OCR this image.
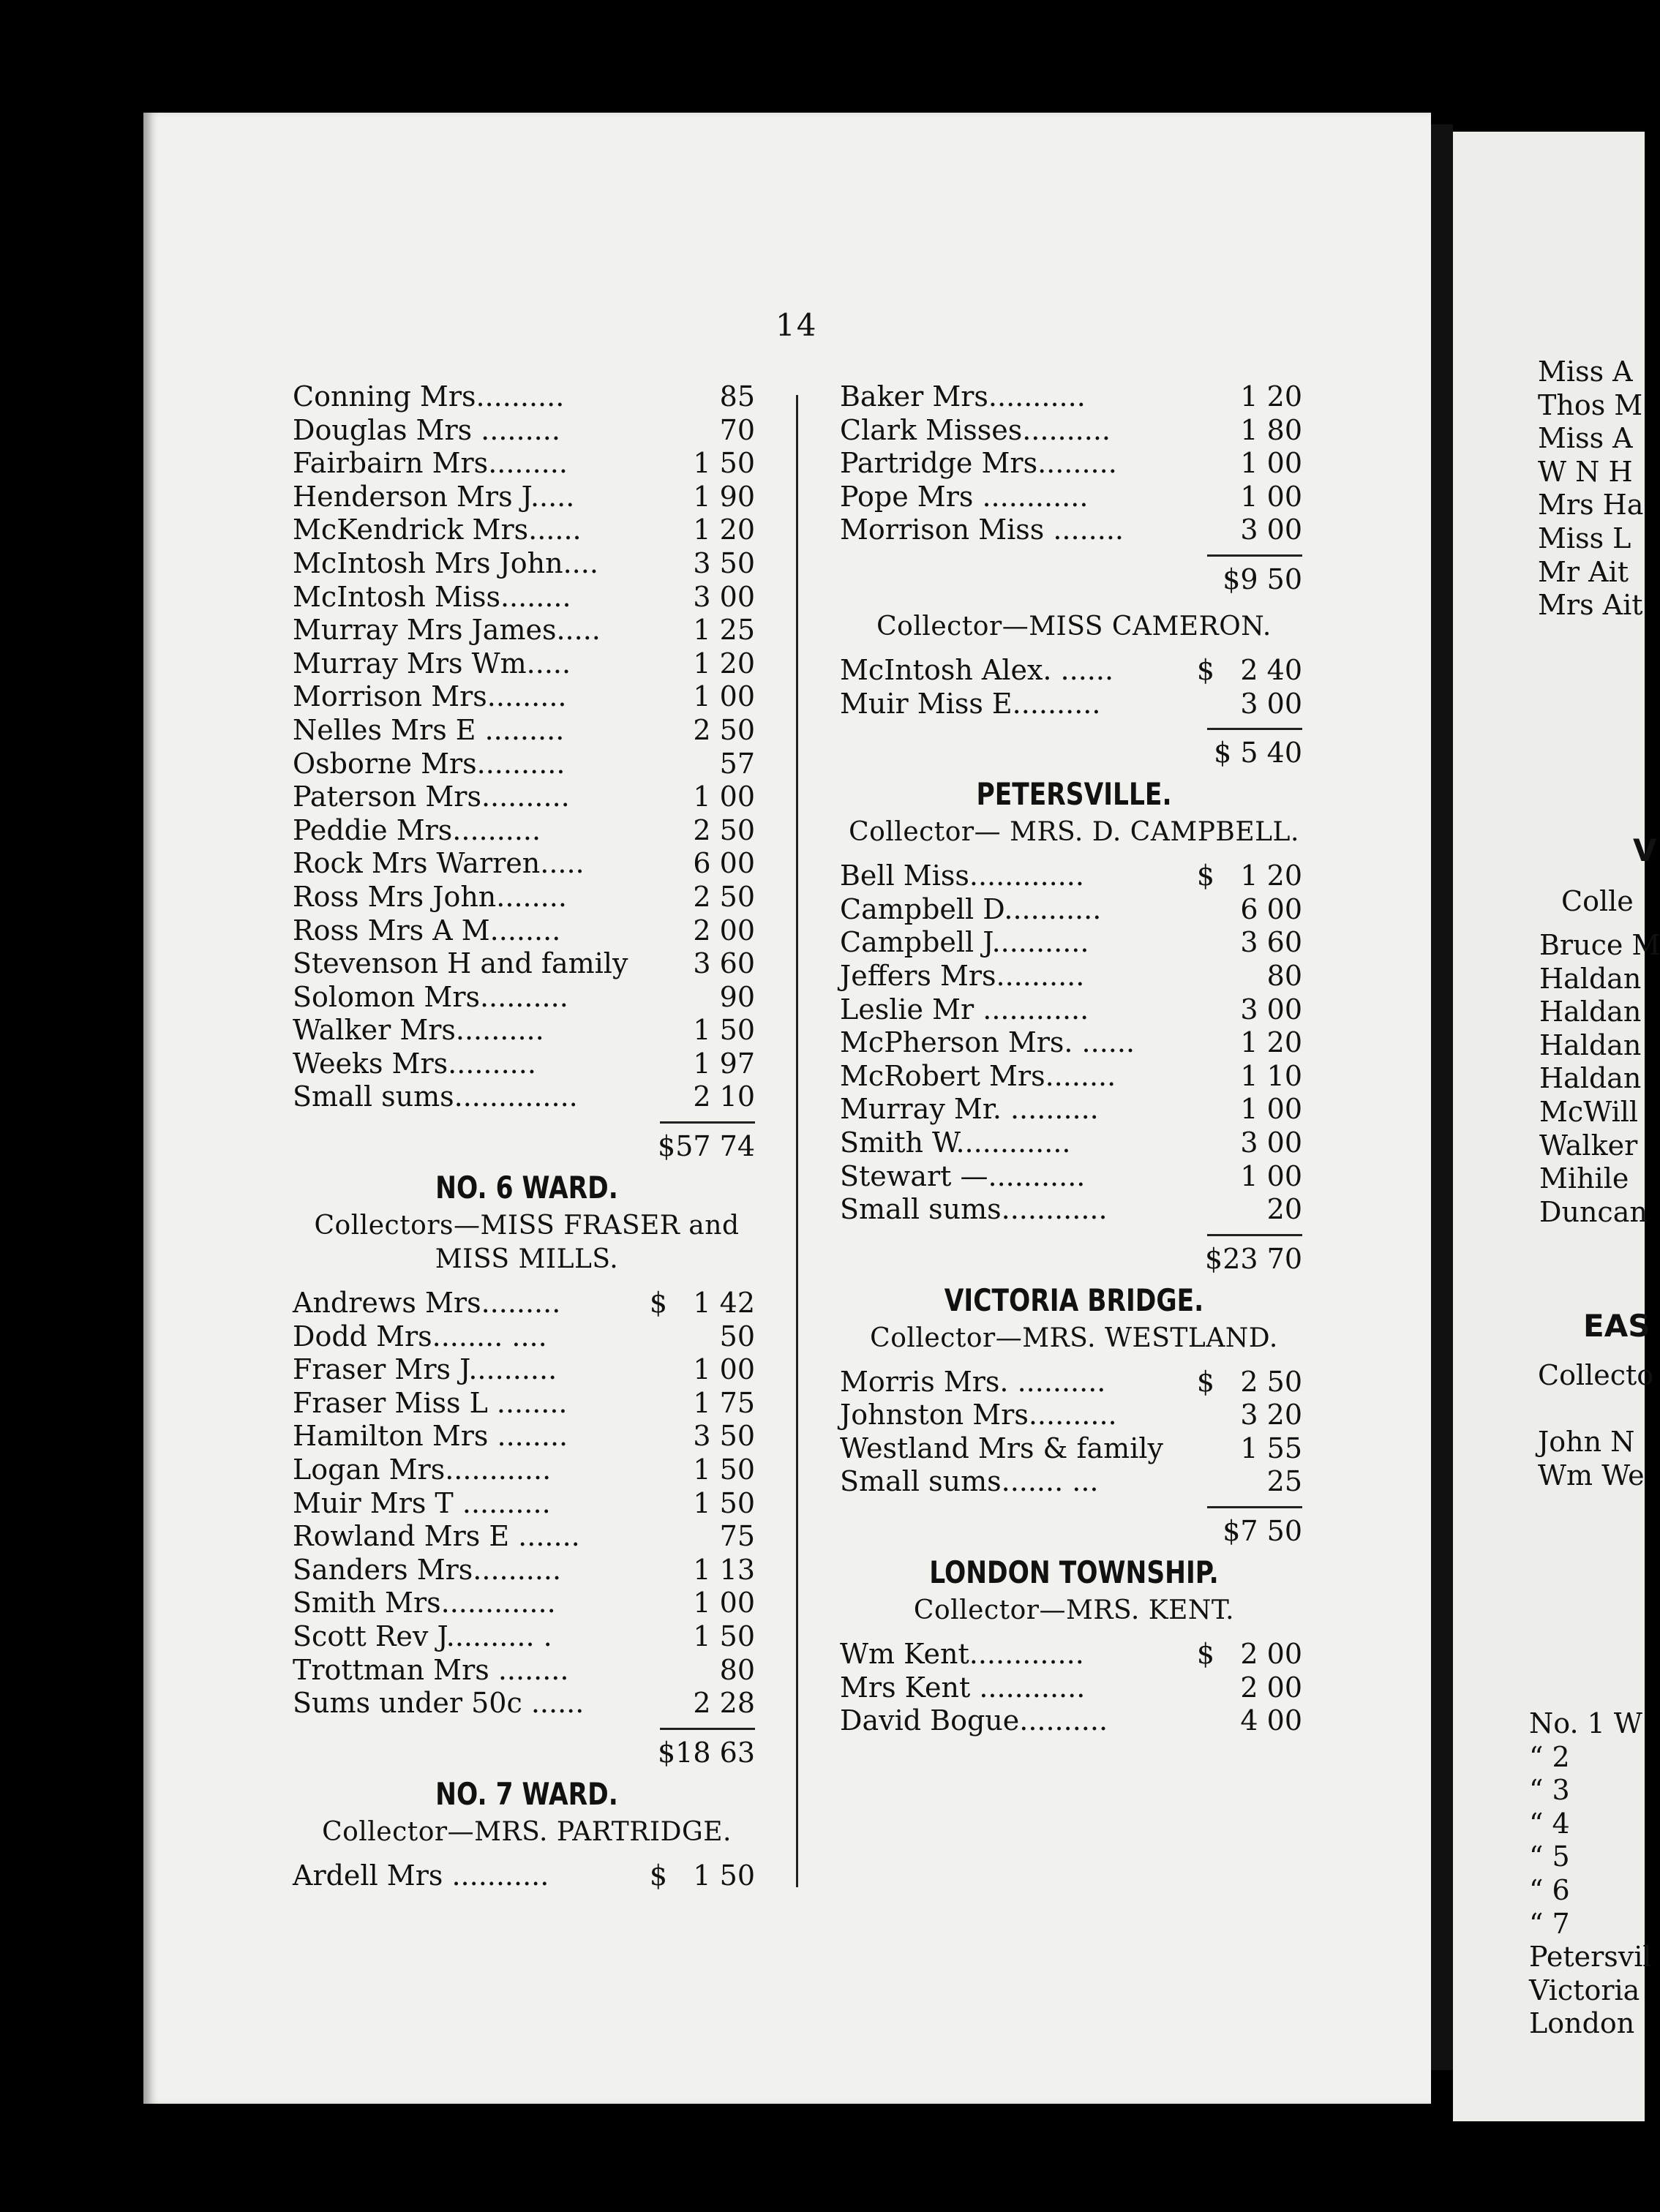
Miss A
Thos M
Miss A
W N H
Mrs Ha
Miss L
Mr Ait
Mrs Ait
V
Colle
Bruce M
Haldan
Haldan
Haldan
Haldan
McWill
Walker
Mihile
Duncan
EAS
Collecto
John N
Wm We
No. 1 W
“ 2
“ 3
“ 4
“ 5
“ 6
“ 7
Petersvil
Victoria
London
14
Conning Mrs..........	85
Douglas Mrs .........	70
Fairbairn Mrs.........	1 50
Henderson Mrs J.....	1 90
McKendrick Mrs......	1 20
McIntosh Mrs John....	3 50
McIntosh Miss........	3 00
Murray Mrs James.....	1 25
Murray Mrs Wm.....	1 20
Morrison Mrs.........	1 00
Nelles Mrs E .........	2 50
Osborne Mrs..........	57
Paterson Mrs..........	1 00
Peddie Mrs..........	2 50
Rock Mrs Warren.....	6 00
Ross Mrs John........	2 50
Ross Mrs A M........	2 00
Stevenson H and family 3 60
Solomon Mrs..........	90
Walker Mrs..........	1 50
Weeks Mrs..........	1 97
Small sums..............	2 10
$57 74
NO. 6 WARD.
Collectors—MISS FRASER and
MISS MILLS.
Andrews Mrs.........	$ 1 42
Dodd Mrs........ ....	50
Fraser Mrs J..........	1 00
Fraser Miss L ........	1 75
Hamilton Mrs ........	3 50
Logan Mrs............	1 50
Muir Mrs T ..........	1 50
Rowland Mrs E .......	75
Sanders Mrs..........	1 13
Smith Mrs.............	1 00
Scott Rev J.......... .	1 50
Trottman Mrs ........	80
Sums under 50c ......	2 28
$18 63
NO. 7 WARD.
Collector—MRS. PARTRIDGE.
Ardell Mrs ...........	$ 1 50
Baker Mrs...........	1 20
Clark Misses..........	1 80
Partridge Mrs.........	1 00
Pope Mrs ............	1 00
Morrison Miss ........	3 00
$9 50
Collector—MISS CAMERON.
McIntosh Alex. ......	$ 2 40
Muir Miss E..........	3 00
$ 5 40
PETERSVILLE.
Collector— MRS. D. CAMPBELL.
Bell Miss.............	$ 1 20
Campbell D...........	6 00
Campbell J...........	3 60
Jeffers Mrs..........	80
Leslie Mr ............	3 00
McPherson Mrs. ......	1 20
McRobert Mrs........	1 10
Murray Mr. ..........	1 00
Smith W.............	3 00
Stewart —...........	1 00
Small sums............	20
$23 70
VICTORIA BRIDGE.
Collector—MRS. WESTLAND.
Morris Mrs. ..........	$ 2 50
Johnston Mrs..........	3 20
Westland Mrs & family	1 55
Small sums....... ...	25
$7 50
LONDON TOWNSHIP.
Collector—MRS. KENT.
Wm Kent.............	$ 2 00
Mrs Kent ............	2 00
David Bogue..........	4 00
